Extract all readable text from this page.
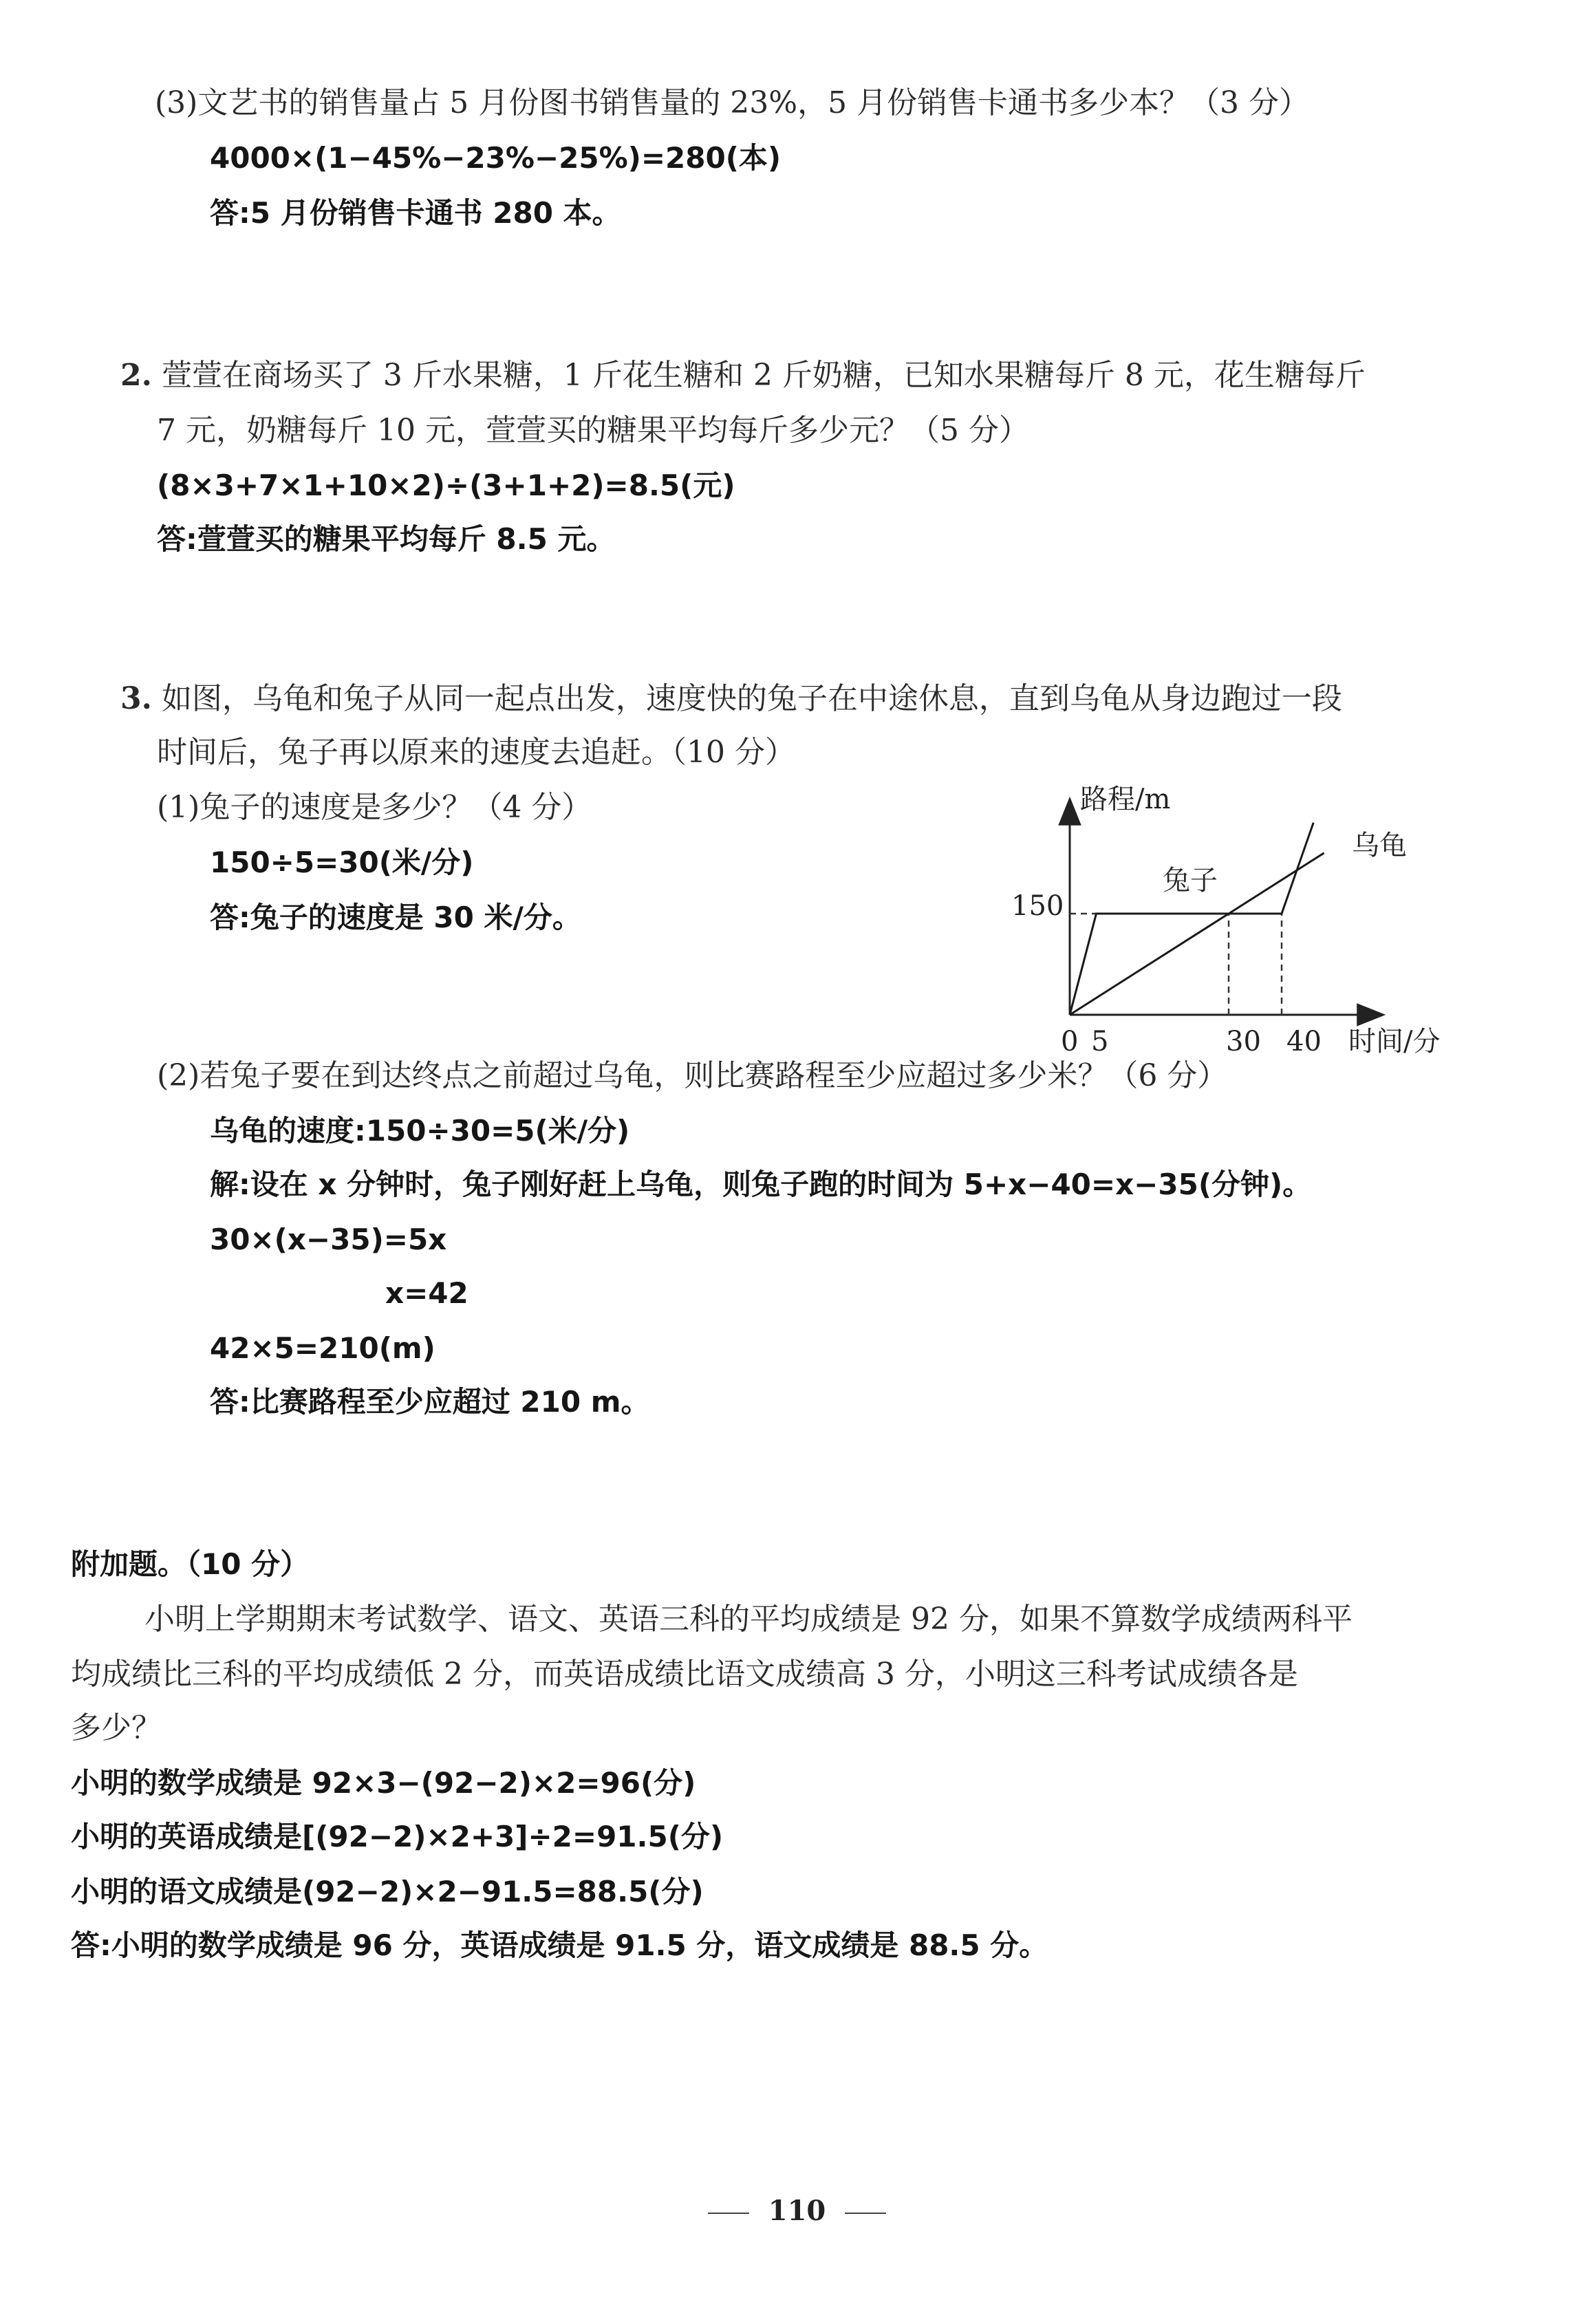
(3)文艺书的销售量占 5 月份图书销售量的 23%，5 月份销售卡通书多少本？（3 分）
4000×(1−45%−23%−25%)=280(本)
答:5 月份销售卡通书 280 本。
2. 萱萱在商场买了 3 斤水果糖，1 斤花生糖和 2 斤奶糖，已知水果糖每斤 8 元，花生糖每斤
7 元，奶糖每斤 10 元，萱萱买的糖果平均每斤多少元？（5 分）
(8×3+7×1+10×2)÷(3+1+2)=8.5(元)
答:萱萱买的糖果平均每斤 8.5 元。
3. 如图，乌龟和兔子从同一起点出发，速度快的兔子在中途休息，直到乌龟从身边跑过一段
时间后，兔子再以原来的速度去追赶。（10 分）
(1)兔子的速度是多少？（4 分）
150÷5=30(米/分)
答:兔子的速度是 30 米/分。
路程/m
时间/分
150
0 5	30 40
兔子
乌龟
(2)若兔子要在到达终点之前超过乌龟，则比赛路程至少应超过多少米？（6 分）
乌龟的速度:150÷30=5(米/分)
解:设在 x 分钟时，兔子刚好赶上乌龟，则兔子跑的时间为 5+x−40=x−35(分钟)。
30×(x−35)=5x
x=42
42×5=210(m)
答:比赛路程至少应超过 210 m。
附加题。（10 分）
小明上学期期末考试数学、语文、英语三科的平均成绩是 92 分，如果不算数学成绩两科平
均成绩比三科的平均成绩低 2 分，而英语成绩比语文成绩高 3 分，小明这三科考试成绩各是
多少？
小明的数学成绩是 92×3−(92−2)×2=96(分)
小明的英语成绩是[(92−2)×2+3]÷2=91.5(分)
小明的语文成绩是(92−2)×2−91.5=88.5(分)
答:小明的数学成绩是 96 分，英语成绩是 91.5 分，语文成绩是 88.5 分。
110
